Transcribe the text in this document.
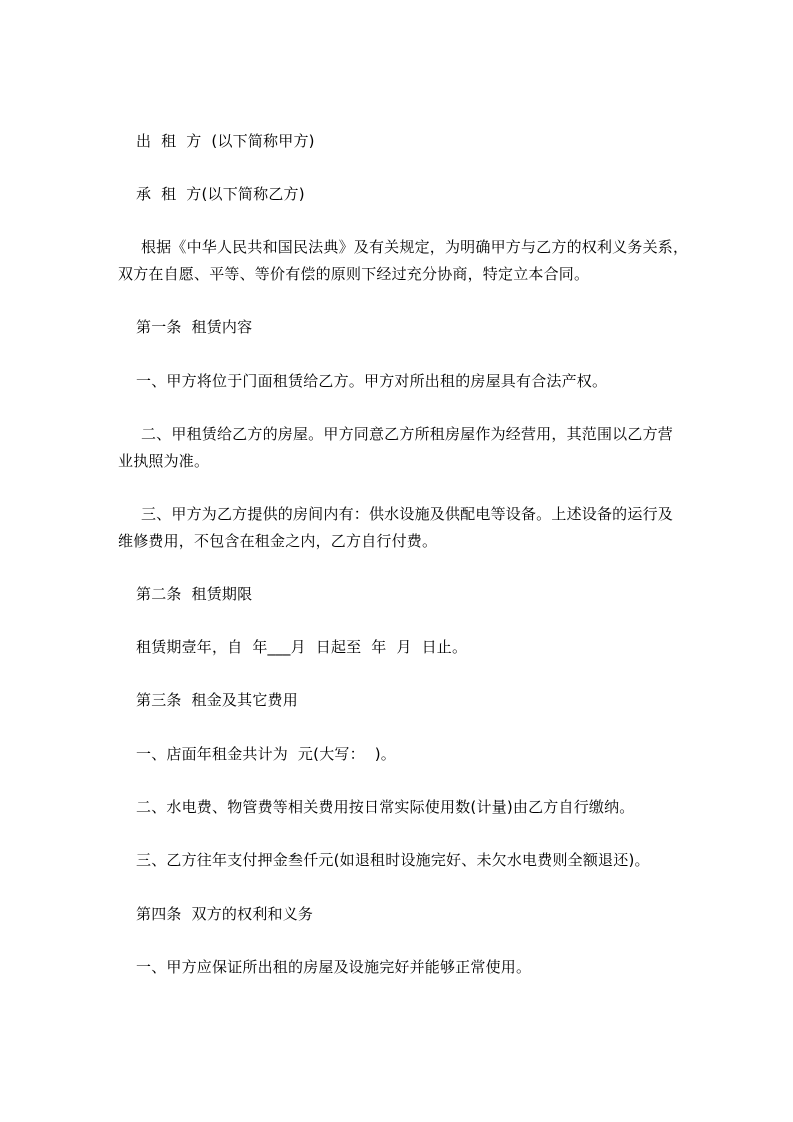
出  租  方  (以下简称甲方)
承  租  方(以下简称乙方)
根据《中华人民共和国民法典》及有关规定，为明确甲方与乙方的权利义务关系，
双方在自愿、平等、等价有偿的原则下经过充分协商，特定立本合同。
第一条  租赁内容
一、甲方将位于门面租赁给乙方。甲方对所出租的房屋具有合法产权。
二、甲租赁给乙方的房屋。甲方同意乙方所租房屋作为经营用，其范围以乙方营
业执照为准。
三、甲方为乙方提供的房间内有：供水设施及供配电等设备。上述设备的运行及
维修费用，不包含在租金之内，乙方自行付费。
第二条  租赁期限
租赁期壹年，自  年___月  日起至  年  月  日止。
第三条  租金及其它费用
一、店面年租金共计为  元(大写：  )。
二、水电费、物管费等相关费用按日常实际使用数(计量)由乙方自行缴纳。
三、乙方往年支付押金叁仟元(如退租时设施完好、未欠水电费则全额退还)。
第四条  双方的权利和义务
一、甲方应保证所出租的房屋及设施完好并能够正常使用。
